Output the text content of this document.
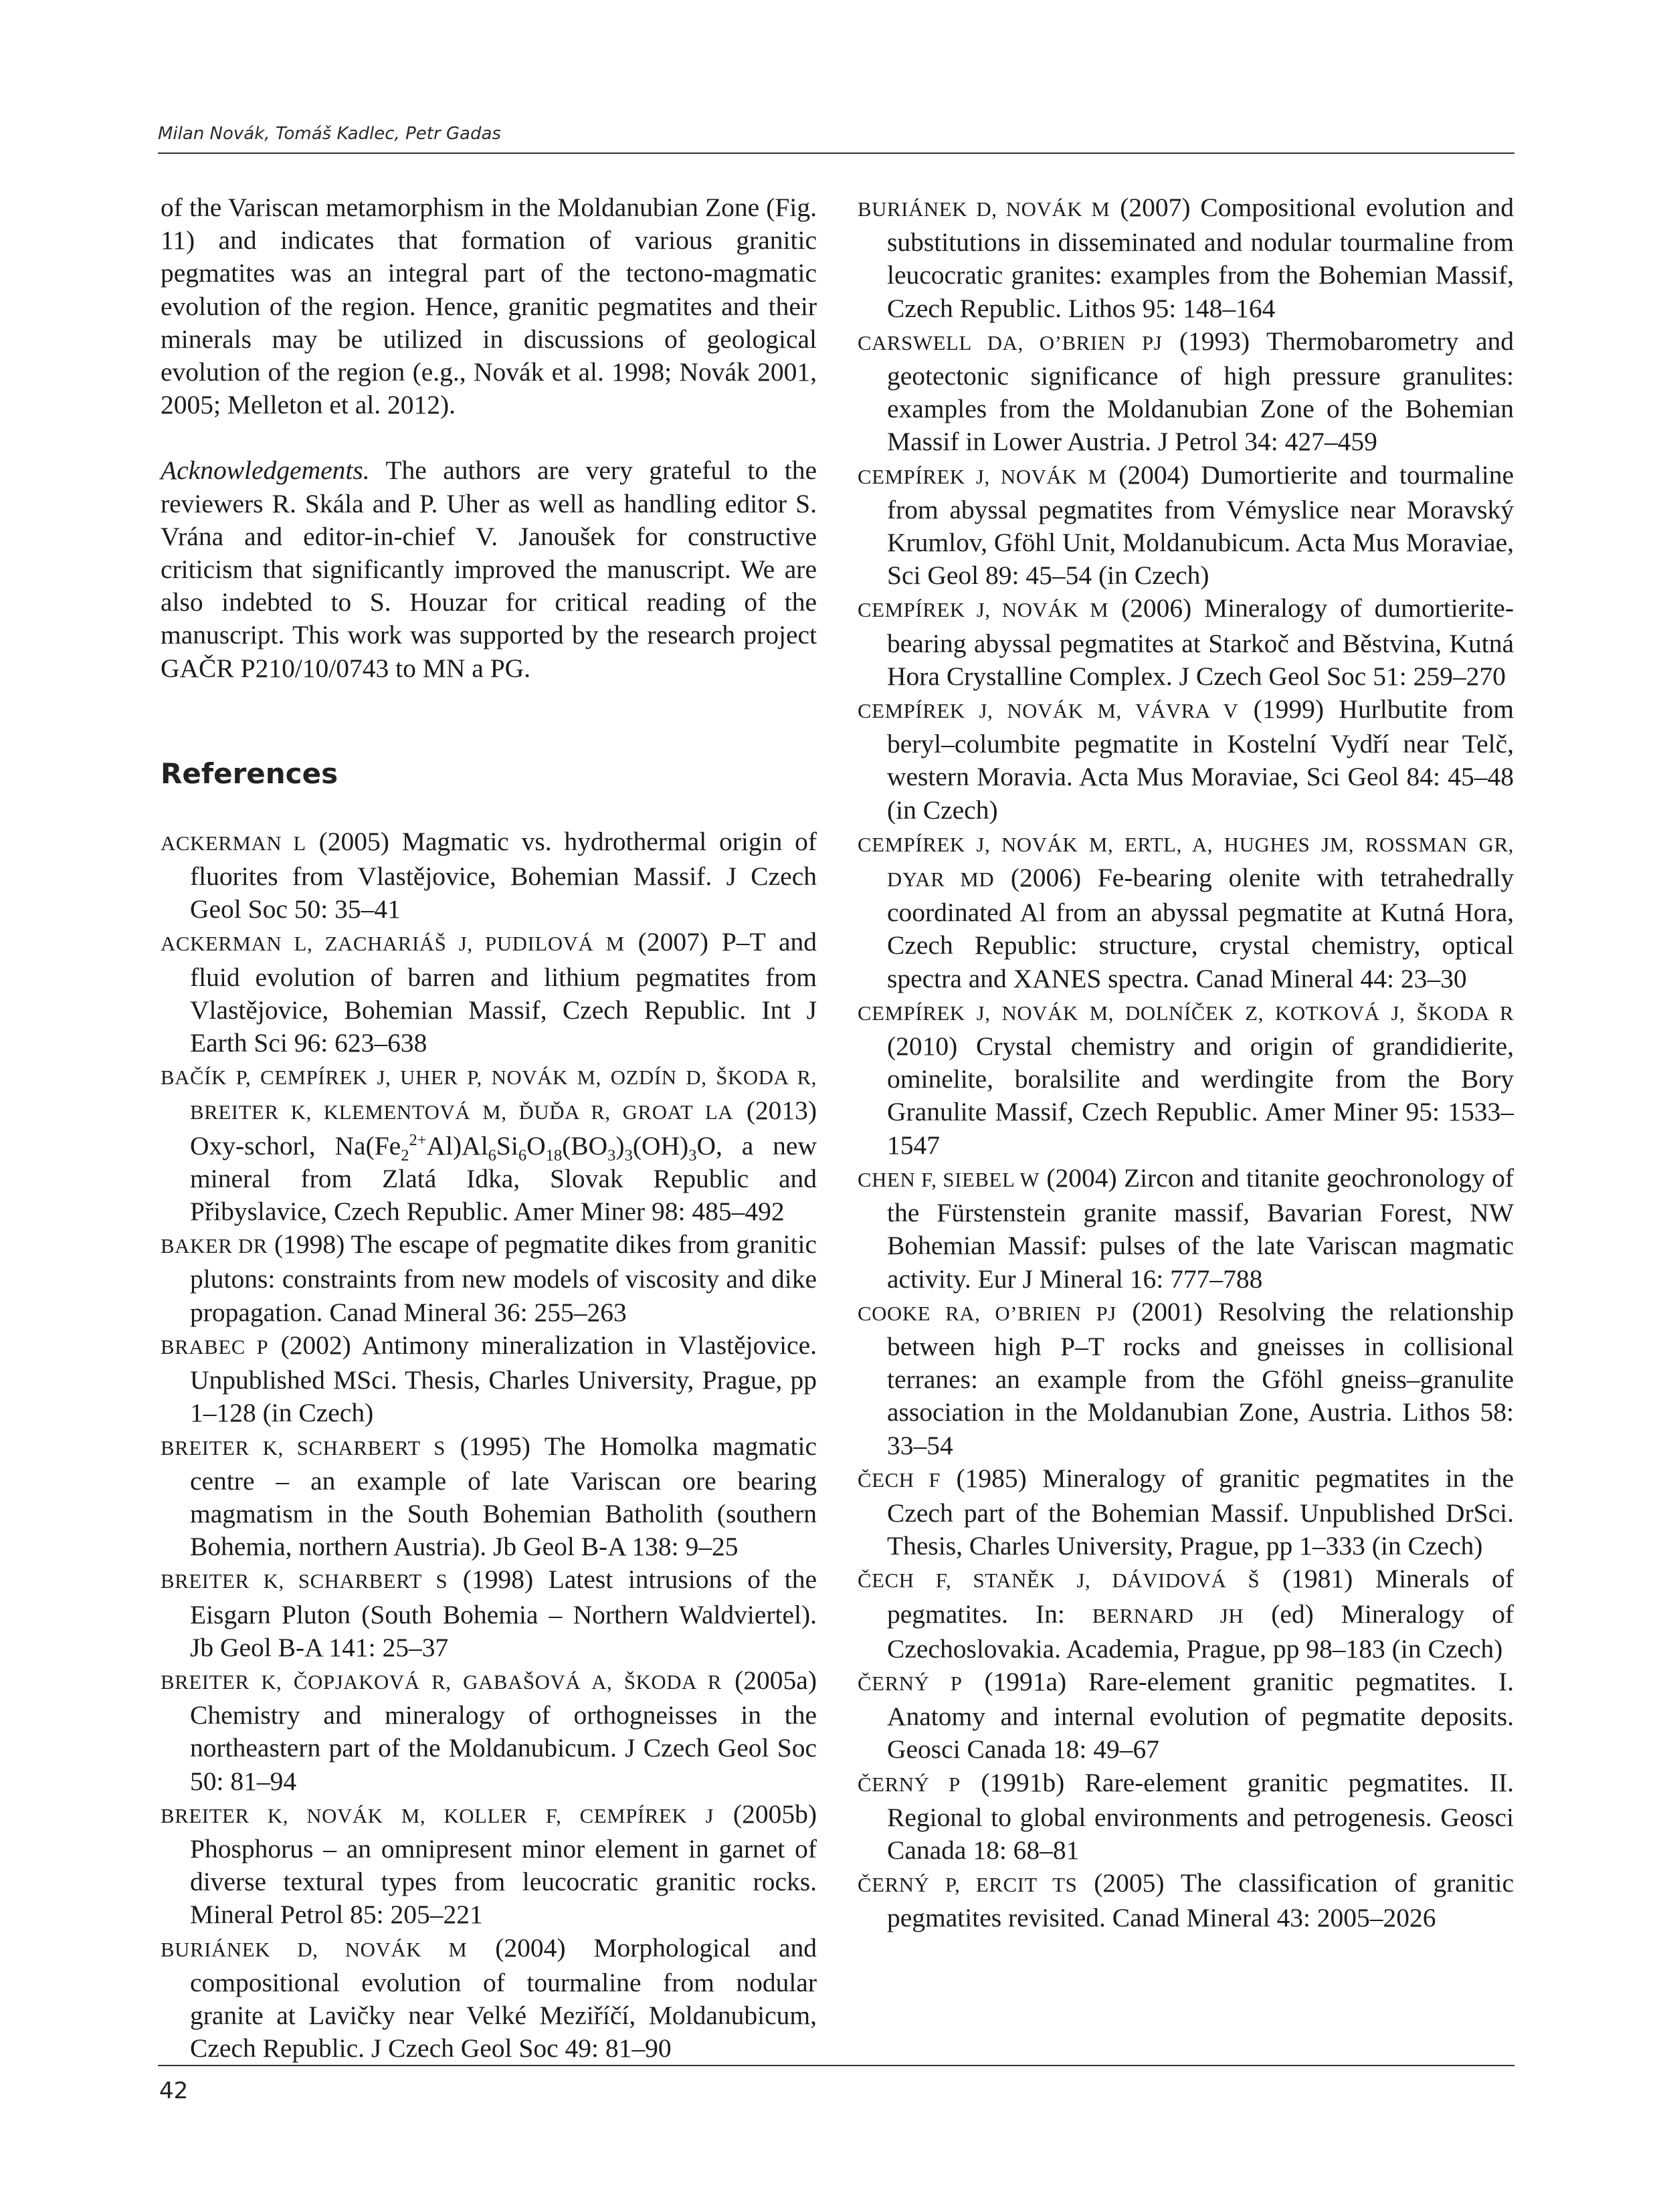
Milan Novák, Tomáš Kadlec, Petr Gadas

of the Variscan metamorphism in the Moldanubian Zone (Fig. 11) and indicates that formation of various granitic pegmatites was an integral part of the tectono-magmatic evolution of the region. Hence, granitic pegmatites and their minerals may be utilized in discussions of geological evolution of the region (e.g., Novák et al. 1998; Novák 2001, 2005; Melleton et al. 2012).

Acknowledgements. The authors are very grateful to the reviewers R. Skála and P. Uher as well as handling editor S. Vrána and editor-in-chief V. Janoušek for constructive criticism that significantly improved the manuscript. We are also indebted to S. Houzar for critical reading of the manuscript. This work was supported by the research project GAČR P210/10/0743 to MN a PG.

References

ACKERMAN L (2005) Magmatic vs. hydrothermal origin of fluorites from Vlastějovice, Bohemian Massif. J Czech Geol Soc 50: 35–41

ACKERMAN L, ZACHARIÁŠ J, PUDILOVÁ M (2007) P–T and fluid evolution of barren and lithium pegmatites from Vlastějovice, Bohemian Massif, Czech Republic. Int J Earth Sci 96: 623–638

BAČÍK P, CEMPÍREK J, UHER P, NOVÁK M, OZDÍN D, ŠKODA R, BREITER K, KLEMENTOVÁ M, ĎUĎA R, GROAT LA (2013) Oxy-schorl, $Na(Fe_2^{2+}Al)Al_6Si_6O_{18}(BO_3)_3(OH)_3O$, a new mineral from Zlatá Idka, Slovak Republic and Přibyslavice, Czech Republic. Amer Miner 98: 485–492

BAKER DR (1998) The escape of pegmatite dikes from granitic plutons: constraints from new models of viscosity and dike propagation. Canad Mineral 36: 255–263

BRABEC P (2002) Antimony mineralization in Vlastějovice. Unpublished MSci. Thesis, Charles University, Prague, pp 1–128 (in Czech)

BREITER K, SCHARBERT S (1995) The Homolka magmatic centre – an example of late Variscan ore bearing magmatism in the South Bohemian Batholith (southern Bohemia, northern Austria). Jb Geol B-A 138: 9–25

BREITER K, SCHARBERT S (1998) Latest intrusions of the Eisgarn Pluton (South Bohemia – Northern Waldviertel). Jb Geol B-A 141: 25–37

BREITER K, ČOPJAKOVÁ R, GABAŠOVÁ A, ŠKODA R (2005a) Chemistry and mineralogy of orthogneisses in the northeastern part of the Moldanubicum. J Czech Geol Soc 50: 81–94

BREITER K, NOVÁK M, KOLLER F, CEMPÍREK J (2005b) Phosphorus – an omnipresent minor element in garnet of diverse textural types from leucocratic granitic rocks. Mineral Petrol 85: 205–221

BURIÁNEK D, NOVÁK M (2004) Morphological and compositional evolution of tourmaline from nodular granite at Lavičky near Velké Meziříčí, Moldanubicum, Czech Republic. J Czech Geol Soc 49: 81–90

BURIÁNEK D, NOVÁK M (2007) Compositional evolution and substitutions in disseminated and nodular tourmaline from leucocratic granites: examples from the Bohemian Massif, Czech Republic. Lithos 95: 148–164

CARSWELL DA, O’BRIEN PJ (1993) Thermobarometry and geotectonic significance of high pressure granulites: examples from the Moldanubian Zone of the Bohemian Massif in Lower Austria. J Petrol 34: 427–459

CEMPÍREK J, NOVÁK M (2004) Dumortierite and tourmaline from abyssal pegmatites from Vémyslice near Moravský Krumlov, Gföhl Unit, Moldanubicum. Acta Mus Moraviae, Sci Geol 89: 45–54 (in Czech)

CEMPÍREK J, NOVÁK M (2006) Mineralogy of dumortierite-bearing abyssal pegmatites at Starkoč and Běstvina, Kutná Hora Crystalline Complex. J Czech Geol Soc 51: 259–270

CEMPÍREK J, NOVÁK M, VÁVRA V (1999) Hurlbutite from beryl–columbite pegmatite in Kostelní Vydří near Telč, western Moravia. Acta Mus Moraviae, Sci Geol 84: 45–48 (in Czech)

CEMPÍREK J, NOVÁK M, ERTL, A, HUGHES JM, ROSSMAN GR, DYAR MD (2006) Fe-bearing olenite with tetrahedrally coordinated Al from an abyssal pegmatite at Kutná Hora, Czech Republic: structure, crystal chemistry, optical spectra and XANES spectra. Canad Mineral 44: 23–30

CEMPÍREK J, NOVÁK M, DOLNÍČEK Z, KOTKOVÁ J, ŠKODA R (2010) Crystal chemistry and origin of grandidierite, ominelite, boralsilite and werdingite from the Bory Granulite Massif, Czech Republic. Amer Miner 95: 1533–1547

CHEN F, SIEBEL W (2004) Zircon and titanite geochronology of the Fürstenstein granite massif, Bavarian Forest, NW Bohemian Massif: pulses of the late Variscan magmatic activity. Eur J Mineral 16: 777–788

COOKE RA, O’BRIEN PJ (2001) Resolving the relationship between high P–T rocks and gneisses in collisional terranes: an example from the Gföhl gneiss–granulite association in the Moldanubian Zone, Austria. Lithos 58: 33–54

ČECH F (1985) Mineralogy of granitic pegmatites in the Czech part of the Bohemian Massif. Unpublished DrSci. Thesis, Charles University, Prague, pp 1–333 (in Czech)

ČECH F, STANĚK J, DÁVIDOVÁ Š (1981) Minerals of pegmatites. In: BERNARD JH (ed) Mineralogy of Czechoslovakia. Academia, Prague, pp 98–183 (in Czech)

ČERNÝ P (1991a) Rare-element granitic pegmatites. I. Anatomy and internal evolution of pegmatite deposits. Geosci Canada 18: 49–67

ČERNÝ P (1991b) Rare-element granitic pegmatites. II. Regional to global environments and petrogenesis. Geosci Canada 18: 68–81

ČERNÝ P, ERCIT TS (2005) The classification of granitic pegmatites revisited. Canad Mineral 43: 2005–2026

42
